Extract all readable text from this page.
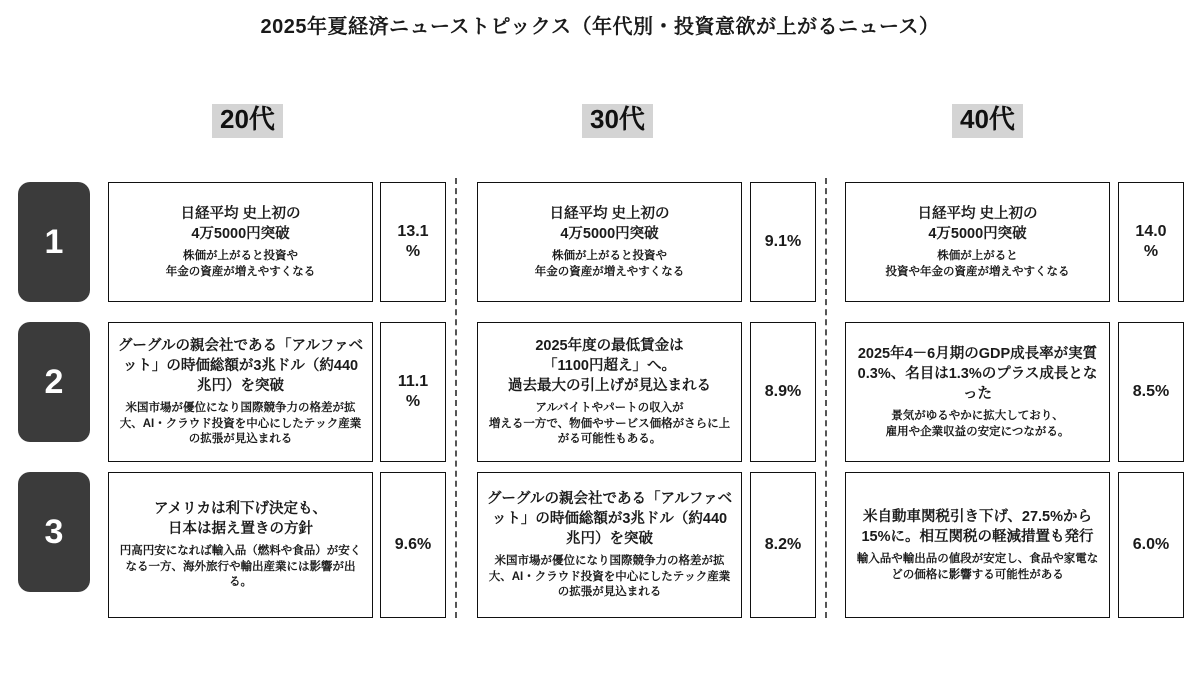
2025年夏経済ニューストピックス（年代別・投資意欲が上がるニュース）
20代	30代	40代
1
2
3
日経平均 史上初の
4万5000円突破
株価が上がると投資や
年金の資産が増えやすくなる
13.1
%
グーグルの親会社である「アルファベット」の時価総額が3兆ドル（約440兆円）を突破
米国市場が優位になり国際競争力の格差が拡大、AI・クラウド投資を中心にしたテック産業の拡張が見込まれる
11.1
%
アメリカは利下げ決定も、
日本は据え置きの方針
円高円安になれば輸入品（燃料や食品）が安くなる一方、海外旅行や輸出産業には影響が出る。
9.6%
日経平均 史上初の
4万5000円突破
株価が上がると投資や
年金の資産が増えやすくなる
9.1%
2025年度の最低賃金は
「1100円超え」へ。
過去最大の引上げが見込まれる
アルバイトやパートの収入が
増える一方で、物価やサービス価格がさらに上がる可能性もある。
8.9%
グーグルの親会社である「アルファベット」の時価総額が3兆ドル（約440兆円）を突破
米国市場が優位になり国際競争力の格差が拡大、AI・クラウド投資を中心にしたテック産業の拡張が見込まれる
8.2%
日経平均 史上初の
4万5000円突破
株価が上がると
投資や年金の資産が増えやすくなる
14.0
%
2025年4－6月期のGDP成長率が実質0.3%、名目は1.3%のプラス成長となった
景気がゆるやかに拡大しており、
雇用や企業収益の安定につながる。
8.5%
米自動車関税引き下げ、27.5%から15%に。相互関税の軽減措置も発行
輸入品や輸出品の値段が安定し、食品や家電などの価格に影響する可能性がある
6.0%
